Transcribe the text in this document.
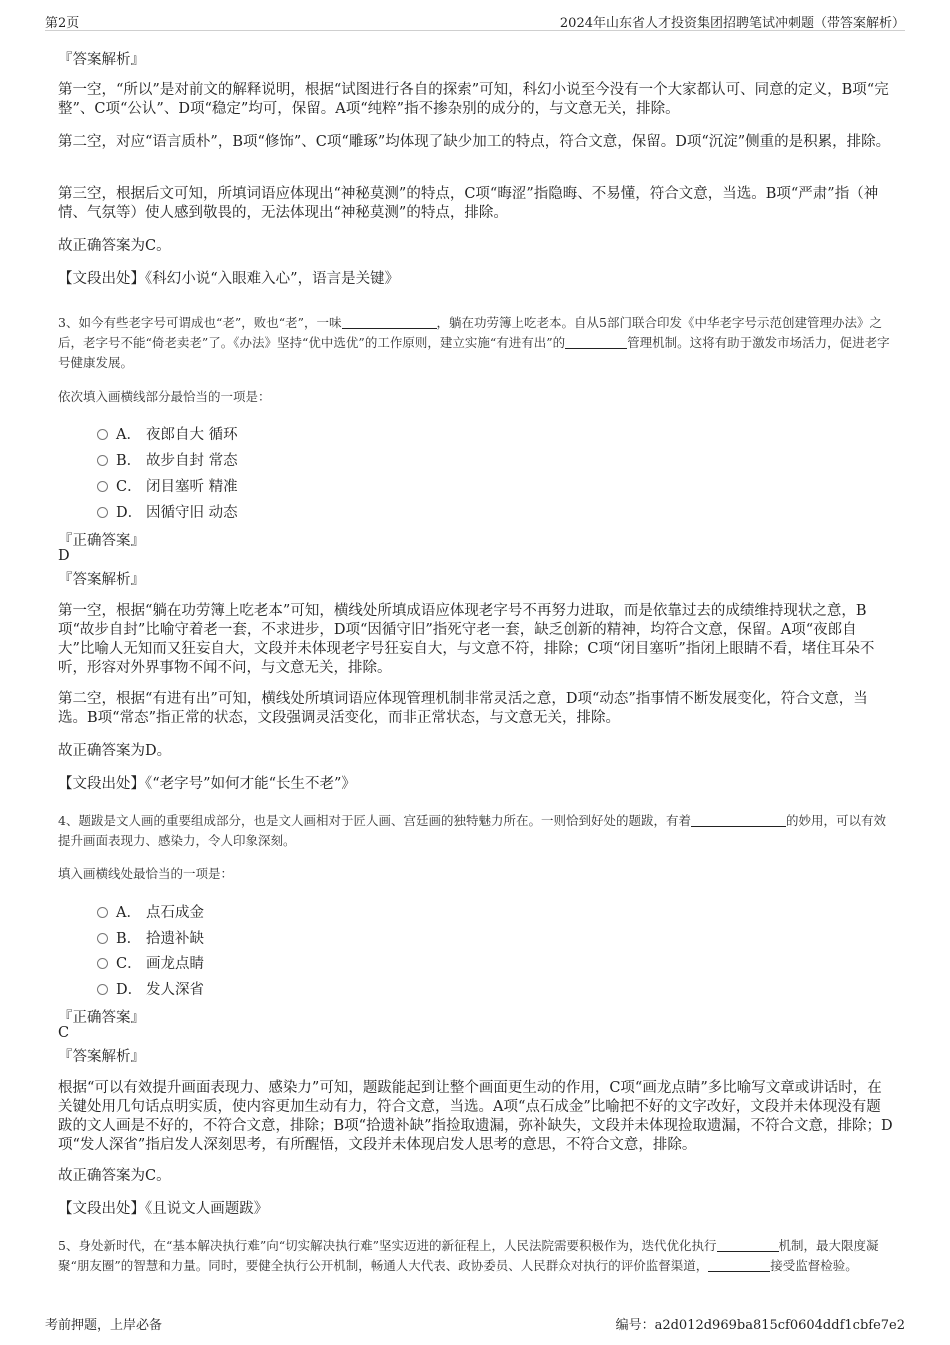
第2页	2024年山东省人才投资集团招聘笔试冲刺题（带答案解析）
『答案解析』

第一空，“所以”是对前文的解释说明，根据“试图进行各自的探索”可知，科幻小说至今没有一个大家都认可、同意的定义，B项“完整”、C项“公认”、D项“稳定”均可，保留。A项“纯粹”指不掺杂别的成分的，与文意无关，排除。

第二空，对应“语言质朴”，B项“修饰”、C项“雕琢”均体现了缺少加工的特点，符合文意，保留。D项“沉淀”侧重的是积累，排除。

第三空，根据后文可知，所填词语应体现出“神秘莫测”的特点，C项“晦涩”指隐晦、不易懂，符合文意，当选。B项“严肃”指（神情、气氛等）使人感到敬畏的，无法体现出“神秘莫测”的特点，排除。

故正确答案为C。

【文段出处】《科幻小说“入眼难入心”，语言是关键》

3、如今有些老字号可谓成也“老”，败也“老”，一味	，躺在功劳簿上吃老本。自从5部门联合印发《中华老字号示范创建管理办法》之后，老字号不能“倚老卖老”了。《办法》坚持“优中选优”的工作原则，建立实施“有进有出”的	管理机制。这将有助于激发市场活力，促进老字号健康发展。

依次填入画横线部分最恰当的一项是：

A． 夜郎自大 循环
B． 故步自封 常态
C． 闭目塞听 精准
D． 因循守旧 动态
『正确答案』
D
『答案解析』

第一空，根据“躺在功劳簿上吃老本”可知，横线处所填成语应体现老字号不再努力进取，而是依靠过去的成绩维持现状之意，B项“故步自封”比喻守着老一套，不求进步，D项“因循守旧”指死守老一套，缺乏创新的精神，均符合文意，保留。A项“夜郎自大”比喻人无知而又狂妄自大，文段并未体现老字号狂妄自大，与文意不符，排除；C项“闭目塞听”指闭上眼睛不看，堵住耳朵不听，形容对外界事物不闻不问，与文意无关，排除。

第二空，根据“有进有出”可知，横线处所填词语应体现管理机制非常灵活之意，D项“动态”指事情不断发展变化，符合文意，当选。B项“常态”指正常的状态，文段强调灵活变化，而非正常状态，与文意无关，排除。

故正确答案为D。

【文段出处】《“老字号”如何才能“长生不老”》

4、题跋是文人画的重要组成部分，也是文人画相对于匠人画、宫廷画的独特魅力所在。一则恰到好处的题跋，有着	的妙用，可以有效提升画面表现力、感染力，令人印象深刻。

填入画横线处最恰当的一项是：

A． 点石成金
B． 拾遗补缺
C． 画龙点睛
D． 发人深省
『正确答案』
C
『答案解析』

根据“可以有效提升画面表现力、感染力”可知，题跋能起到让整个画面更生动的作用，C项“画龙点睛”多比喻写文章或讲话时，在关键处用几句话点明实质，使内容更加生动有力，符合文意，当选。A项“点石成金”比喻把不好的文字改好，文段并未体现没有题跋的文人画是不好的，不符合文意，排除；B项“拾遗补缺”指捡取遗漏，弥补缺失，文段并未体现捡取遗漏，不符合文意，排除；D项“发人深省”指启发人深刻思考，有所醒悟，文段并未体现启发人思考的意思，不符合文意，排除。

故正确答案为C。

【文段出处】《且说文人画题跋》

5、身处新时代，在“基本解决执行难”向“切实解决执行难”坚实迈进的新征程上，人民法院需要积极作为，迭代优化执行	机制，最大限度凝聚“朋友圈”的智慧和力量。同时，要健全执行公开机制，畅通人大代表、政协委员、人民群众对执行的评价监督渠道，	接受监督检验。

考前押题，上岸必备	编号：a2d012d969ba815cf0604ddf1cbfe7e2
